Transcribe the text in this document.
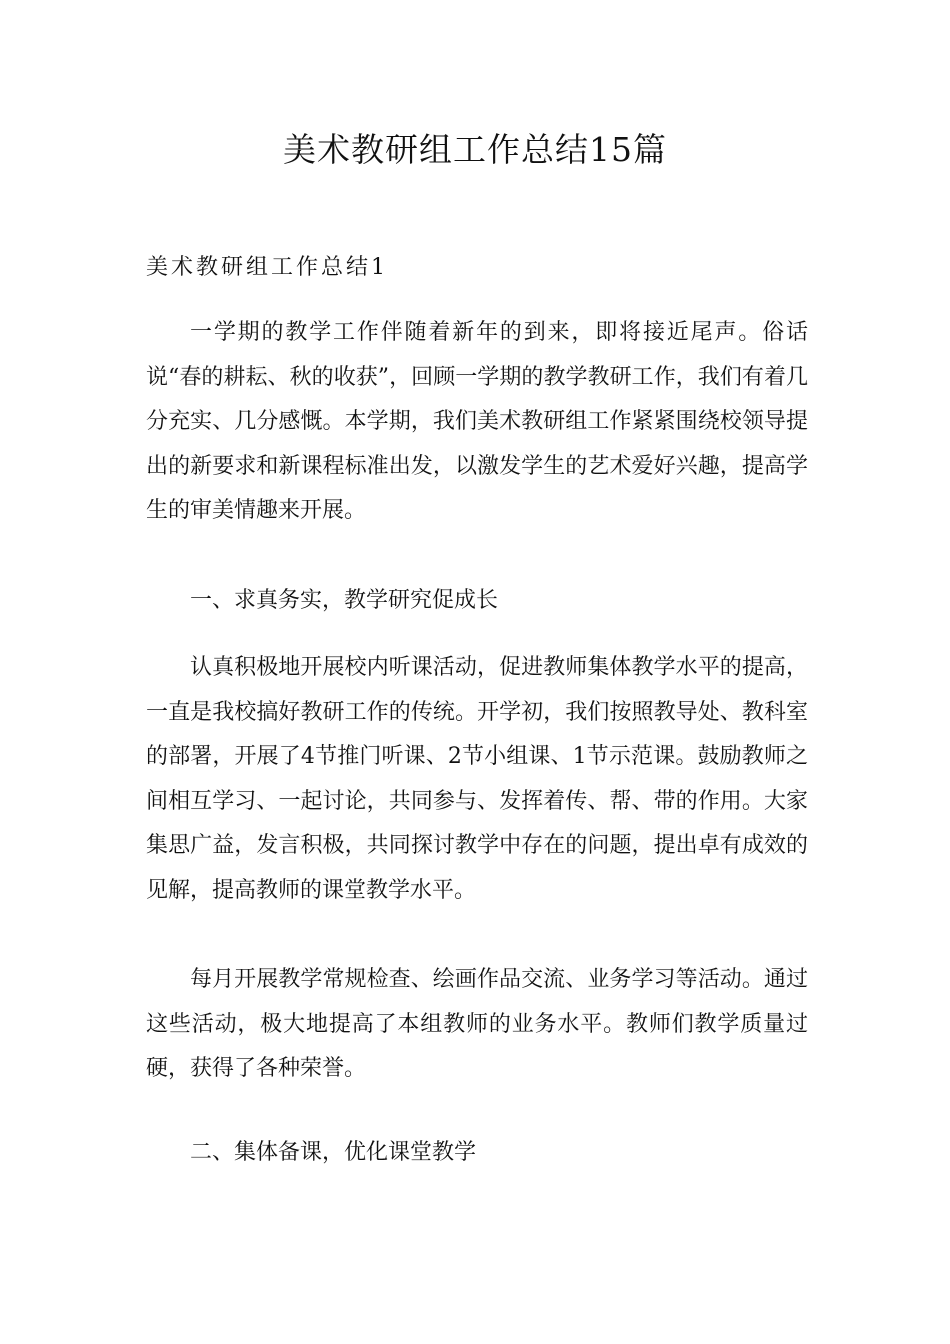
美术教研组工作总结15篇
美术教研组工作总结1

一学期的教学工作伴随着新年的到来，即将接近尾声。俗话说“春的耕耘、秋的收获”，回顾一学期的教学教研工作，我们有着几分充实、几分感慨。本学期，我们美术教研组工作紧紧围绕校领导提出的新要求和新课程标准出发，以激发学生的艺术爱好兴趣，提高学生的审美情趣来开展。

一、求真务实，教学研究促成长

认真积极地开展校内听课活动，促进教师集体教学水平的提高，一直是我校搞好教研工作的传统。开学初，我们按照教导处、教科室的部署，开展了4节推门听课、2节小组课、1节示范课。鼓励教师之间相互学习、一起讨论，共同参与、发挥着传、帮、带的作用。大家集思广益，发言积极，共同探讨教学中存在的问题，提出卓有成效的见解，提高教师的课堂教学水平。

每月开展教学常规检查、绘画作品交流、业务学习等活动。通过这些活动，极大地提高了本组教师的业务水平。教师们教学质量过硬，获得了各种荣誉。

二、集体备课，优化课堂教学
